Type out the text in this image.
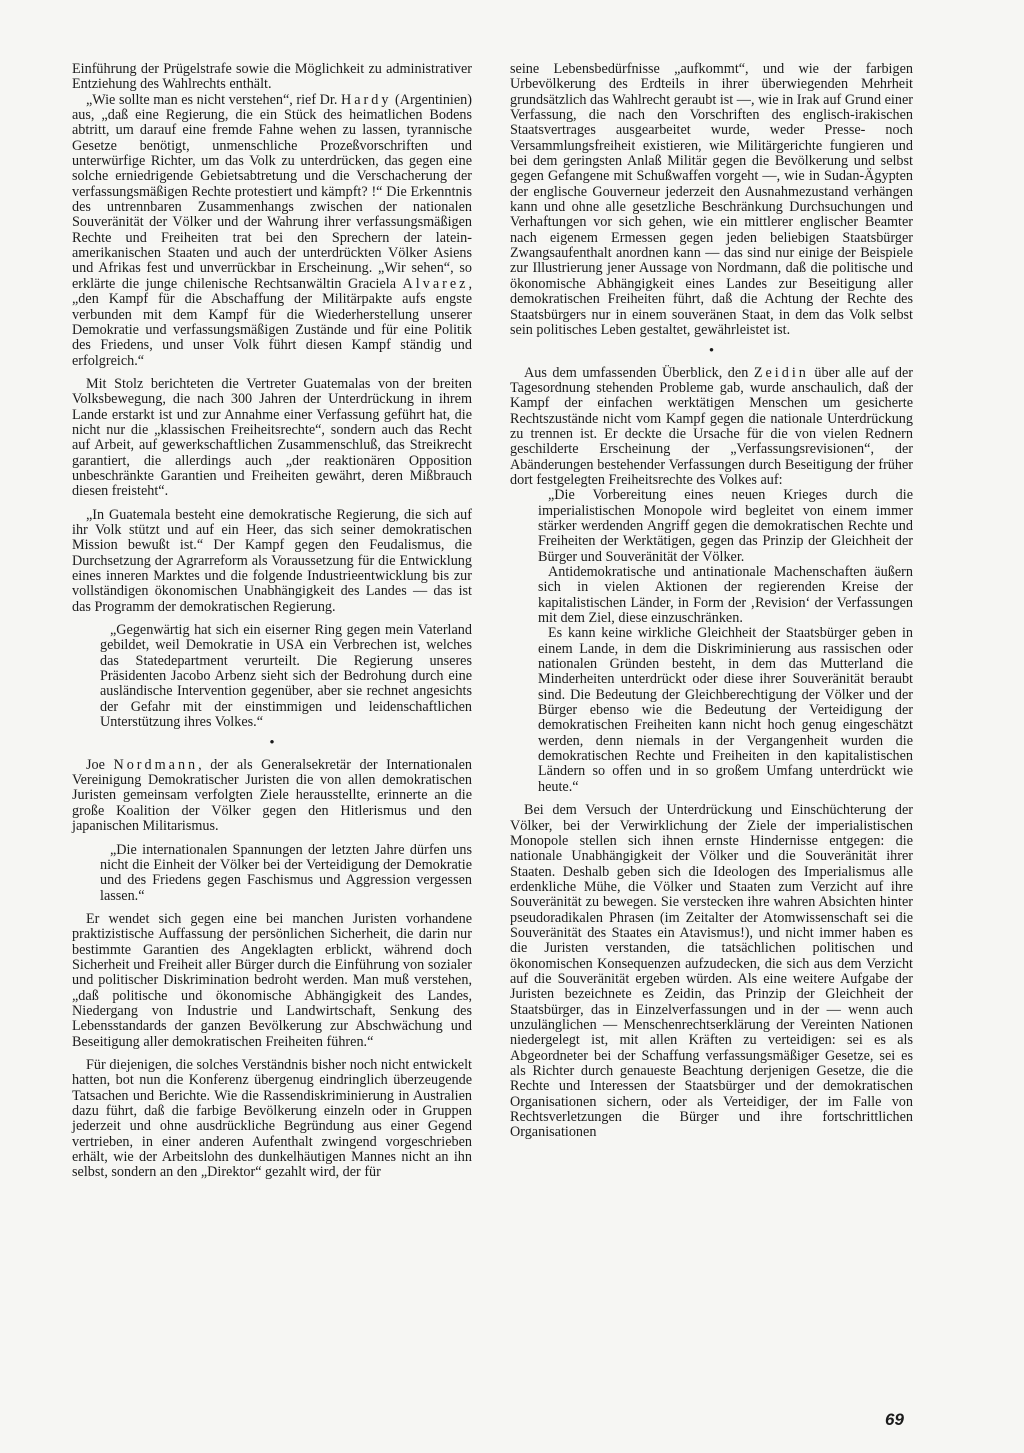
Einführung der Prügelstrafe sowie die Möglichkeit zu administrativer Entziehung des Wahlrechts enthält.

„Wie sollte man es nicht verstehen“, rief Dr. Hardy (Argentinien) aus, „daß eine Regierung, die ein Stück des heimatlichen Bodens abtritt, um darauf eine fremde Fahne wehen zu lassen, tyrannische Gesetze benötigt, unmenschliche Prozeßvorschriften und unterwürfige Richter, um das Volk zu unterdrücken, das gegen eine solche erniedrigende Gebietsabtretung und die Verschacherung der verfassungsmäßigen Rechte protestiert und kämpft? !“ Die Erkenntnis des untrennbaren Zusammenhangs zwischen der nationalen Souveränität der Völker und der Wahrung ihrer verfassungsmäßigen Rechte und Freiheiten trat bei den Sprechern der latein-amerikanischen Staaten und auch der unterdrückten Völker Asiens und Afrikas fest und unverrückbar in Erscheinung. „Wir sehen“, so erklärte die junge chilenische Rechtsanwältin Graciela Alvarez, „den Kampf für die Abschaffung der Militärpakte aufs engste verbunden mit dem Kampf für die Wiederherstellung unserer Demokratie und verfassungsmäßigen Zustände und für eine Politik des Friedens, und unser Volk führt diesen Kampf ständig und erfolgreich.“

Mit Stolz berichteten die Vertreter Guatemalas von der breiten Volksbewegung, die nach 300 Jahren der Unterdrückung in ihrem Lande erstarkt ist und zur Annahme einer Verfassung geführt hat, die nicht nur die „klassischen Freiheitsrechte“, sondern auch das Recht auf Arbeit, auf gewerkschaftlichen Zusammenschluß, das Streikrecht garantiert, die allerdings auch „der reaktionären Opposition unbeschränkte Garantien und Freiheiten gewährt, deren Mißbrauch diesen freisteht“.

„In Guatemala besteht eine demokratische Regierung, die sich auf ihr Volk stützt und auf ein Heer, das sich seiner demokratischen Mission bewußt ist.“ Der Kampf gegen den Feudalismus, die Durchsetzung der Agrarreform als Voraussetzung für die Entwicklung eines inneren Marktes und die folgende Industrieentwicklung bis zur vollständigen ökonomischen Unabhängigkeit des Landes — das ist das Programm der demokratischen Regierung.

„Gegenwärtig hat sich ein eiserner Ring gegen mein Vaterland gebildet, weil Demokratie in USA ein Verbrechen ist, welches das Statedepartment verurteilt. Die Regierung unseres Präsidenten Jacobo Arbenz sieht sich der Bedrohung durch eine ausländische Intervention gegenüber, aber sie rechnet angesichts der Gefahr mit der einstimmigen und leidenschaftlichen Unterstützung ihres Volkes.“

•

Joe Nordmann, der als Generalsekretär der Internationalen Vereinigung Demokratischer Juristen die von allen demokratischen Juristen gemeinsam verfolgten Ziele herausstellte, erinnerte an die große Koalition der Völker gegen den Hitlerismus und den japanischen Militarismus.

„Die internationalen Spannungen der letzten Jahre dürfen uns nicht die Einheit der Völker bei der Verteidigung der Demokratie und des Friedens gegen Faschismus und Aggression vergessen lassen.“

Er wendet sich gegen eine bei manchen Juristen vorhandene praktizistische Auffassung der persönlichen Sicherheit, die darin nur bestimmte Garantien des Angeklagten erblickt, während doch Sicherheit und Freiheit aller Bürger durch die Einführung von sozialer und politischer Diskrimination bedroht werden. Man muß verstehen, „daß politische und ökonomische Abhängigkeit des Landes, Niedergang von Industrie und Landwirtschaft, Senkung des Lebensstandards der ganzen Bevölkerung zur Abschwächung und Beseitigung aller demokratischen Freiheiten führen.“

Für diejenigen, die solches Verständnis bisher noch nicht entwickelt hatten, bot nun die Konferenz übergenug eindringlich überzeugende Tatsachen und Berichte. Wie die Rassendiskriminierung in Australien dazu führt, daß die farbige Bevölkerung einzeln oder in Gruppen jederzeit und ohne ausdrückliche Begründung aus einer Gegend vertrieben, in einer anderen Aufenthalt zwingend vorgeschrieben erhält, wie der Arbeitslohn des dunkelhäutigen Mannes nicht an ihn selbst, sondern an den „Direktor“ gezahlt wird, der für

seine Lebensbedürfnisse „aufkommt“, und wie der farbigen Urbevölkerung des Erdteils in ihrer überwiegenden Mehrheit grundsätzlich das Wahlrecht geraubt ist —, wie in Irak auf Grund einer Verfassung, die nach den Vorschriften des englisch-irakischen Staatsvertrages ausgearbeitet wurde, weder Presse- noch Versammlungsfreiheit existieren, wie Militärgerichte fungieren und bei dem geringsten Anlaß Militär gegen die Bevölkerung und selbst gegen Gefangene mit Schußwaffen vorgeht —, wie in Sudan-Ägypten der englische Gouverneur jederzeit den Ausnahmezustand verhängen kann und ohne alle gesetzliche Beschränkung Durchsuchungen und Verhaftungen vor sich gehen, wie ein mittlerer englischer Beamter nach eigenem Ermessen gegen jeden beliebigen Staatsbürger Zwangsaufenthalt anordnen kann — das sind nur einige der Beispiele zur Illustrierung jener Aussage von Nordmann, daß die politische und ökonomische Abhängigkeit eines Landes zur Beseitigung aller demokratischen Freiheiten führt, daß die Achtung der Rechte des Staatsbürgers nur in einem souveränen Staat, in dem das Volk selbst sein politisches Leben gestaltet, gewährleistet ist.

•

Aus dem umfassenden Überblick, den Zeidin über alle auf der Tagesordnung stehenden Probleme gab, wurde anschaulich, daß der Kampf der einfachen werktätigen Menschen um gesicherte Rechtszustände nicht vom Kampf gegen die nationale Unterdrückung zu trennen ist. Er deckte die Ursache für die von vielen Rednern geschilderte Erscheinung der „Verfassungsrevisionen“, der Abänderungen bestehender Verfassungen durch Beseitigung der früher dort festgelegten Freiheitsrechte des Volkes auf:

„Die Vorbereitung eines neuen Krieges durch die imperialistischen Monopole wird begleitet von einem immer stärker werdenden Angriff gegen die demokratischen Rechte und Freiheiten der Werktätigen, gegen das Prinzip der Gleichheit der Bürger und Souveränität der Völker.

Antidemokratische und antinationale Machenschaften äußern sich in vielen Aktionen der regierenden Kreise der kapitalistischen Länder, in Form der ‚Revision‘ der Verfassungen mit dem Ziel, diese einzuschränken.

Es kann keine wirkliche Gleichheit der Staatsbürger geben in einem Lande, in dem die Diskriminierung aus rassischen oder nationalen Gründen besteht, in dem das Mutterland die Minderheiten unterdrückt oder diese ihrer Souveränität beraubt sind. Die Bedeutung der Gleichberechtigung der Völker und der Bürger ebenso wie die Bedeutung der Verteidigung der demokratischen Freiheiten kann nicht hoch genug eingeschätzt werden, denn niemals in der Vergangenheit wurden die demokratischen Rechte und Freiheiten in den kapitalistischen Ländern so offen und in so großem Umfang unterdrückt wie heute.“

Bei dem Versuch der Unterdrückung und Einschüchterung der Völker, bei der Verwirklichung der Ziele der imperialistischen Monopole stellen sich ihnen ernste Hindernisse entgegen: die nationale Unabhängigkeit der Völker und die Souveränität ihrer Staaten. Deshalb geben sich die Ideologen des Imperialismus alle erdenkliche Mühe, die Völker und Staaten zum Verzicht auf ihre Souveränität zu bewegen. Sie verstecken ihre wahren Absichten hinter pseudoradikalen Phrasen (im Zeitalter der Atomwissenschaft sei die Souveränität des Staates ein Atavismus!), und nicht immer haben es die Juristen verstanden, die tatsächlichen politischen und ökonomischen Konsequenzen aufzudecken, die sich aus dem Verzicht auf die Souveränität ergeben würden. Als eine weitere Aufgabe der Juristen bezeichnete es Zeidin, das Prinzip der Gleichheit der Staatsbürger, das in Einzelverfassungen und in der — wenn auch unzulänglichen — Menschenrechtserklärung der Vereinten Nationen niedergelegt ist, mit allen Kräften zu verteidigen: sei es als Abgeordneter bei der Schaffung verfassungsmäßiger Gesetze, sei es als Richter durch genaueste Beachtung derjenigen Gesetze, die die Rechte und Interessen der Staatsbürger und der demokratischen Organisationen sichern, oder als Verteidiger, der im Falle von Rechtsverletzungen die Bürger und ihre fortschrittlichen Organisationen

69
